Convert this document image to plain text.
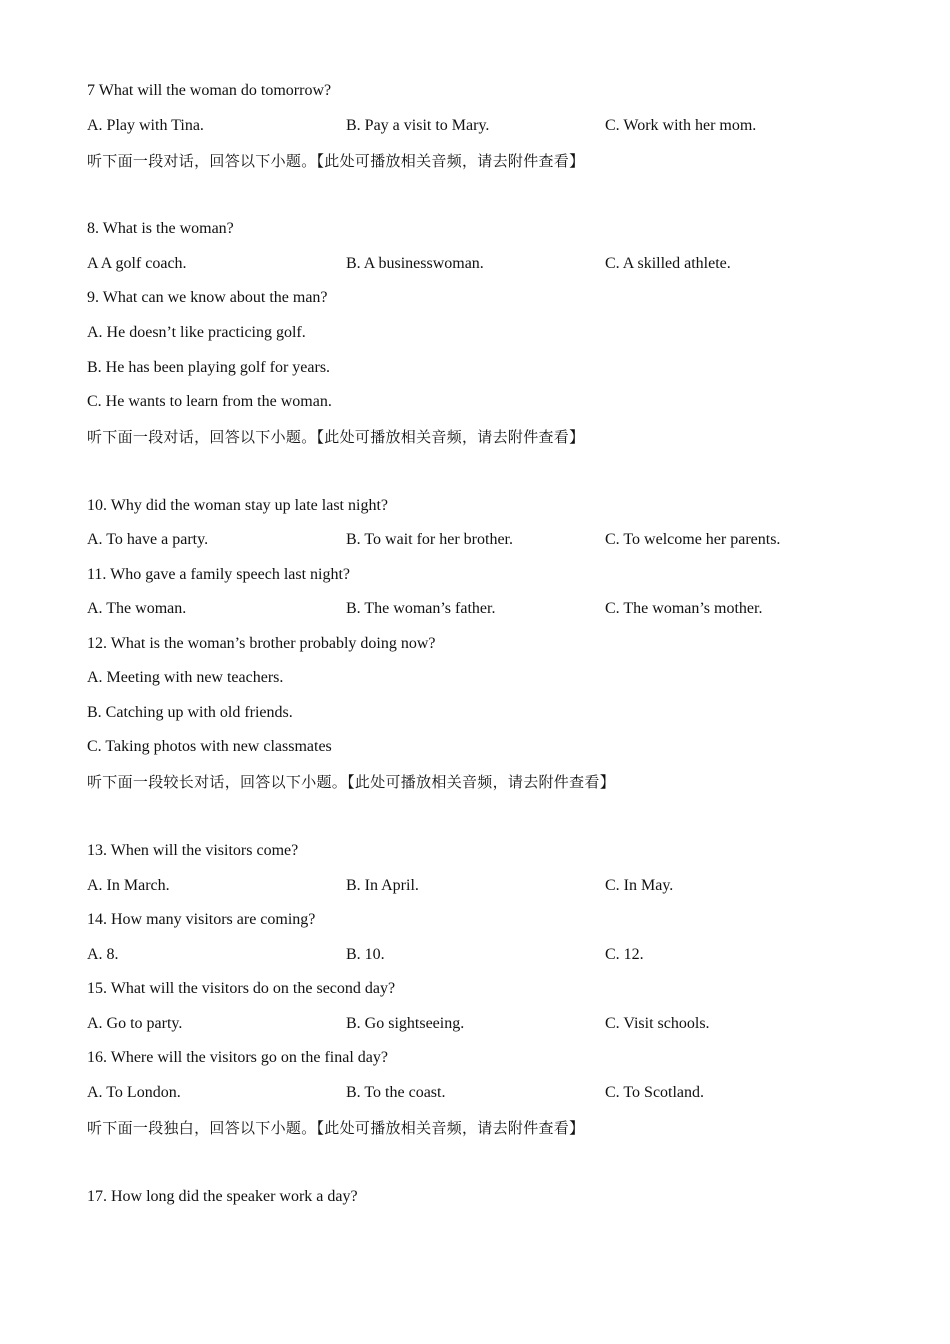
7 What will the woman do tomorrow?
A. Play with Tina.	B. Pay a visit to Mary.	C. Work with her mom.
听下面一段对话，回答以下小题。【此处可播放相关音频，请去附件查看】
8. What is the woman?
A A golf coach.	B. A businesswoman.	C. A skilled athlete.
9. What can we know about the man?
A. He doesn’t like practicing golf.
B. He has been playing golf for years.
C. He wants to learn from the woman.
听下面一段对话，回答以下小题。【此处可播放相关音频，请去附件查看】
10. Why did the woman stay up late last night?
A. To have a party.	B. To wait for her brother.	C. To welcome her parents.
11. Who gave a family speech last night?
A. The woman.	B. The woman’s father.	C. The woman’s mother.
12. What is the woman’s brother probably doing now?
A. Meeting with new teachers.
B. Catching up with old friends.
C. Taking photos with new classmates
听下面一段较长对话，回答以下小题。【此处可播放相关音频，请去附件查看】
13. When will the visitors come?
A. In March.	B. In April.	C. In May.
14. How many visitors are coming?
A. 8.	B. 10.	C. 12.
15. What will the visitors do on the second day?
A. Go to party.	B. Go sightseeing.	C. Visit schools.
16. Where will the visitors go on the final day?
A. To London.	B. To the coast.	C. To Scotland.
听下面一段独白，回答以下小题。【此处可播放相关音频，请去附件查看】
17. How long did the speaker work a day?
